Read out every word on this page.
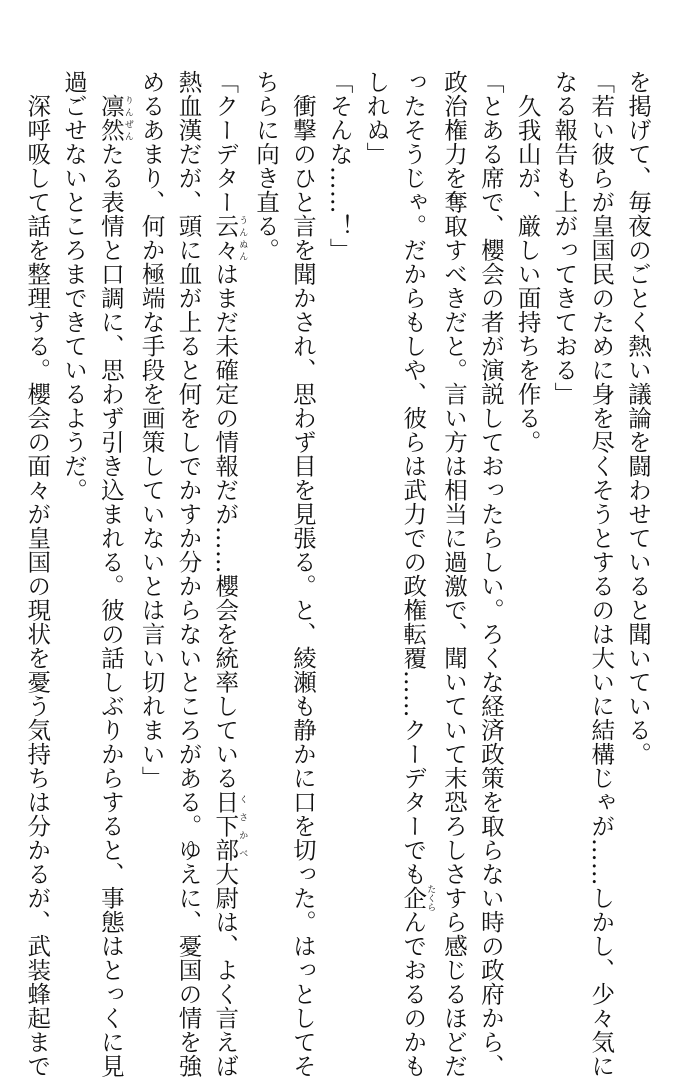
を掲げて、毎夜のごとく熱い議論を闘わせていると聞いている。
「若い彼らが皇国民のために身を尽くそうとするのは大いに結構じゃが……しかし、少々気に
なる報告も上がってきておる」
　久我山が、厳しい面持ちを作る。
「とある席で、櫻会の者が演説しておったらしい。ろくな経済政策を取らない時の政府から、
政治権力を奪取すべきだと。言い方は相当に過激で、聞いていて末恐ろしさすら感じるほどだ
ったそうじゃ。だからもしや、彼らは武力での政権転覆……クーデターでも企たくらんでおるのかも
しれぬ」
「そんな……！」
　衝撃のひと言を聞かされ、思わず目を見張る。と、綾瀬も静かに口を切った。はっとしてそ
ちらに向き直る。
「クーデター云々うんぬんはまだ未確定の情報だが……櫻会を統率している日下部くさかべ大尉は、よく言えば
熱血漢だが、頭に血が上ると何をしでかすか分からないところがある。ゆえに、憂国の情を強
めるあまり、何か極端な手段を画策していないとは言い切れまい」
　凛然りんぜんたる表情と口調に、思わず引き込まれる。彼の話しぶりからすると、事態はとっくに見
過ごせないところまできているようだ。
　深呼吸して話を整理する。櫻会の面々が皇国の現状を憂う気持ちは分かるが、武装蜂起まで
